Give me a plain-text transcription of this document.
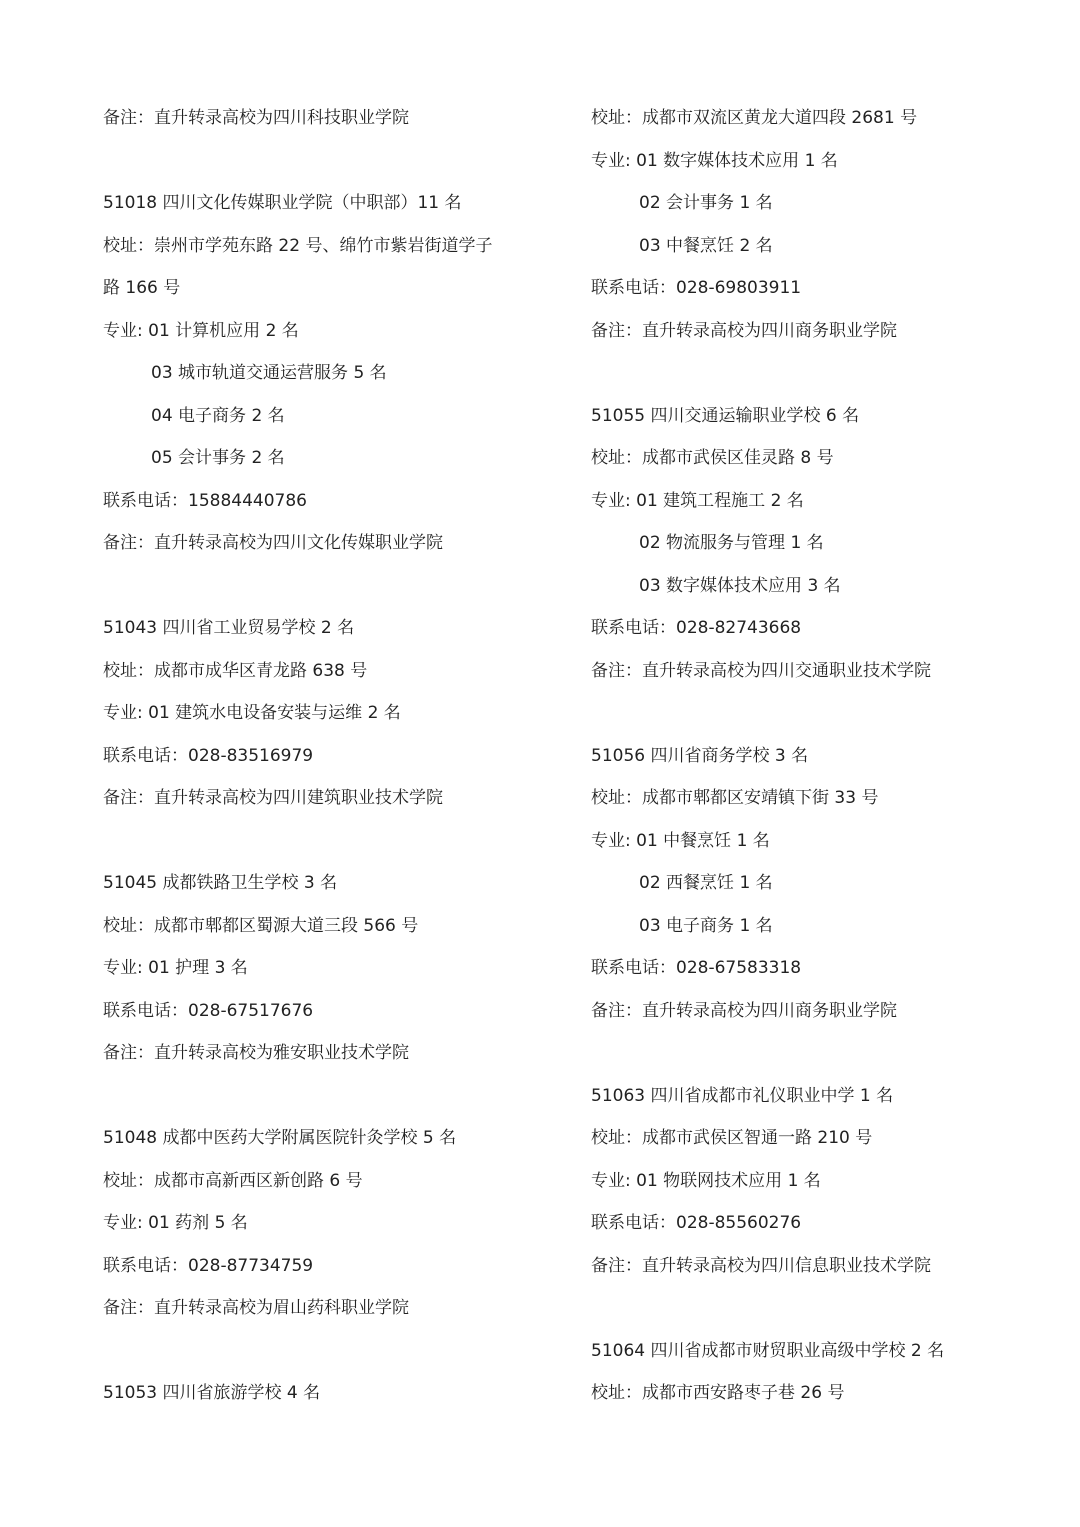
备注：直升转录高校为四川科技职业学院
51018 四川文化传媒职业学院（中职部）11 名
校址：崇州市学苑东路 22 号、绵竹市紫岩街道学子
路 166 号
专业: 01 计算机应用 2 名
03 城市轨道交通运营服务 5 名
04 电子商务 2 名
05 会计事务 2 名
联系电话：15884440786
备注：直升转录高校为四川文化传媒职业学院
51043 四川省工业贸易学校 2 名
校址：成都市成华区青龙路 638 号
专业: 01 建筑水电设备安装与运维 2 名
联系电话：028-83516979
备注：直升转录高校为四川建筑职业技术学院
51045 成都铁路卫生学校 3 名
校址：成都市郫都区蜀源大道三段 566 号
专业: 01 护理 3 名
联系电话：028-67517676
备注：直升转录高校为雅安职业技术学院
51048 成都中医药大学附属医院针灸学校 5 名
校址：成都市高新西区新创路 6 号
专业: 01 药剂 5 名
联系电话：028-87734759
备注：直升转录高校为眉山药科职业学院
51053 四川省旅游学校 4 名
校址：成都市双流区黄龙大道四段 2681 号
专业: 01 数字媒体技术应用 1 名
02 会计事务 1 名
03 中餐烹饪 2 名
联系电话：028-69803911
备注：直升转录高校为四川商务职业学院
51055 四川交通运输职业学校 6 名
校址：成都市武侯区佳灵路 8 号
专业: 01 建筑工程施工 2 名
02 物流服务与管理 1 名
03 数字媒体技术应用 3 名
联系电话：028-82743668
备注：直升转录高校为四川交通职业技术学院
51056 四川省商务学校 3 名
校址：成都市郫都区安靖镇下街 33 号
专业: 01 中餐烹饪 1 名
02 西餐烹饪 1 名
03 电子商务 1 名
联系电话：028-67583318
备注：直升转录高校为四川商务职业学院
51063 四川省成都市礼仪职业中学 1 名
校址：成都市武侯区智通一路 210 号
专业: 01 物联网技术应用 1 名
联系电话：028-85560276
备注：直升转录高校为四川信息职业技术学院
51064 四川省成都市财贸职业高级中学校 2 名
校址：成都市西安路枣子巷 26 号
